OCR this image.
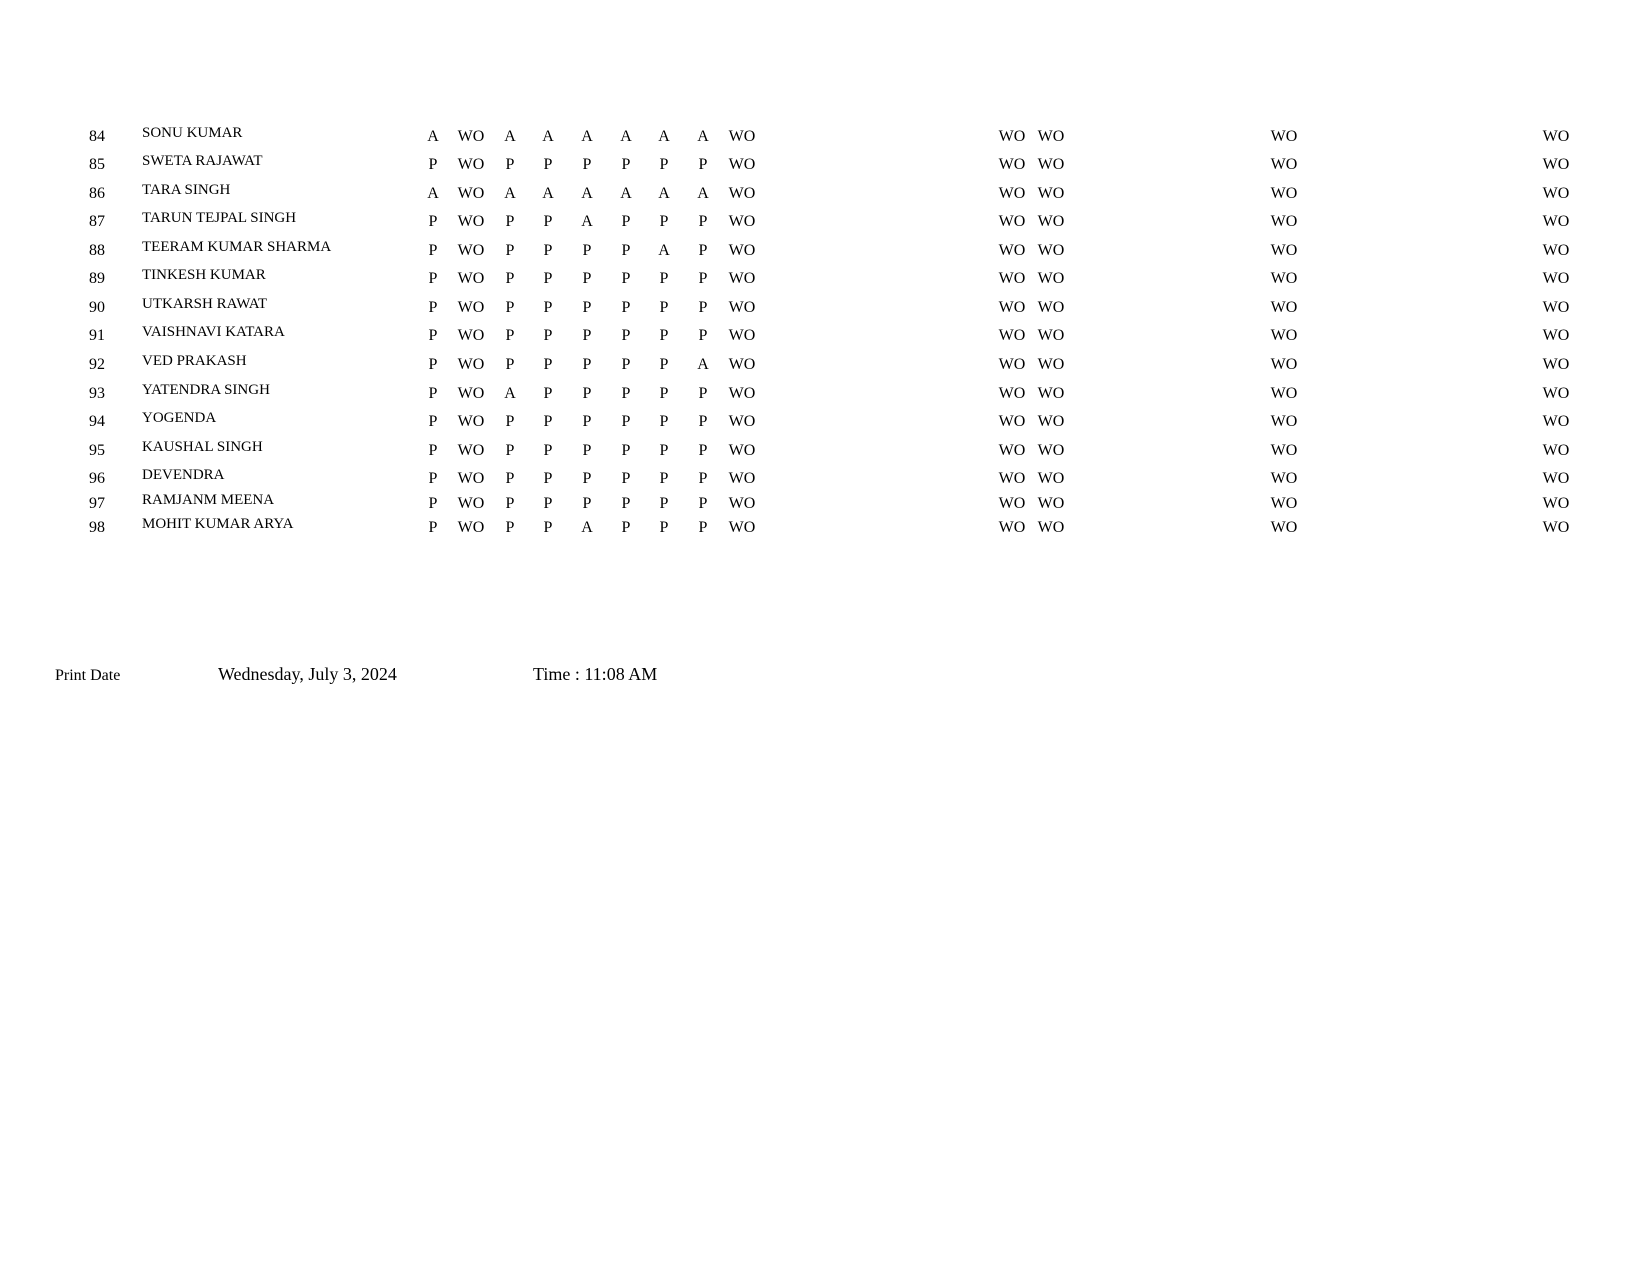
84	SONU KUMAR	A	WO	A	A	A	A	A	A	WO	WO WO	WO	WO
85	SWETA RAJAWAT	P	WO	P	P	P	P	P	P	WO	WO WO	WO	WO
86	TARA SINGH	A	WO	A	A	A	A	A	A	WO	WO WO	WO	WO
87	TARUN TEJPAL SINGH	P	WO	P	P	A	P	P	P	WO	WO WO	WO	WO
88	TEERAM KUMAR SHARMA	P	WO	P	P	P	P	A	P	WO	WO WO	WO	WO
89	TINKESH KUMAR	P	WO	P	P	P	P	P	P	WO	WO WO	WO	WO
90	UTKARSH RAWAT	P	WO	P	P	P	P	P	P	WO	WO WO	WO	WO
91	VAISHNAVI KATARA	P	WO	P	P	P	P	P	P	WO	WO WO	WO	WO
92	VED PRAKASH	P	WO	P	P	P	P	P	A	WO	WO WO	WO	WO
93	YATENDRA SINGH	P	WO	A	P	P	P	P	P	WO	WO WO	WO	WO
94	YOGENDA	P	WO	P	P	P	P	P	P	WO	WO WO	WO	WO
95	KAUSHAL SINGH	P	WO	P	P	P	P	P	P	WO	WO WO	WO	WO
96	DEVENDRA	P	WO	P	P	P	P	P	P	WO	WO WO	WO	WO
97	RAMJANM MEENA	P	WO	P	P	P	P	P	P	WO	WO WO	WO	WO
98	MOHIT KUMAR ARYA	P	WO	P	P	A	P	P	P	WO	WO WO	WO	WO
Print Date	Wednesday, July 3, 2024	Time : 11:08 AM
